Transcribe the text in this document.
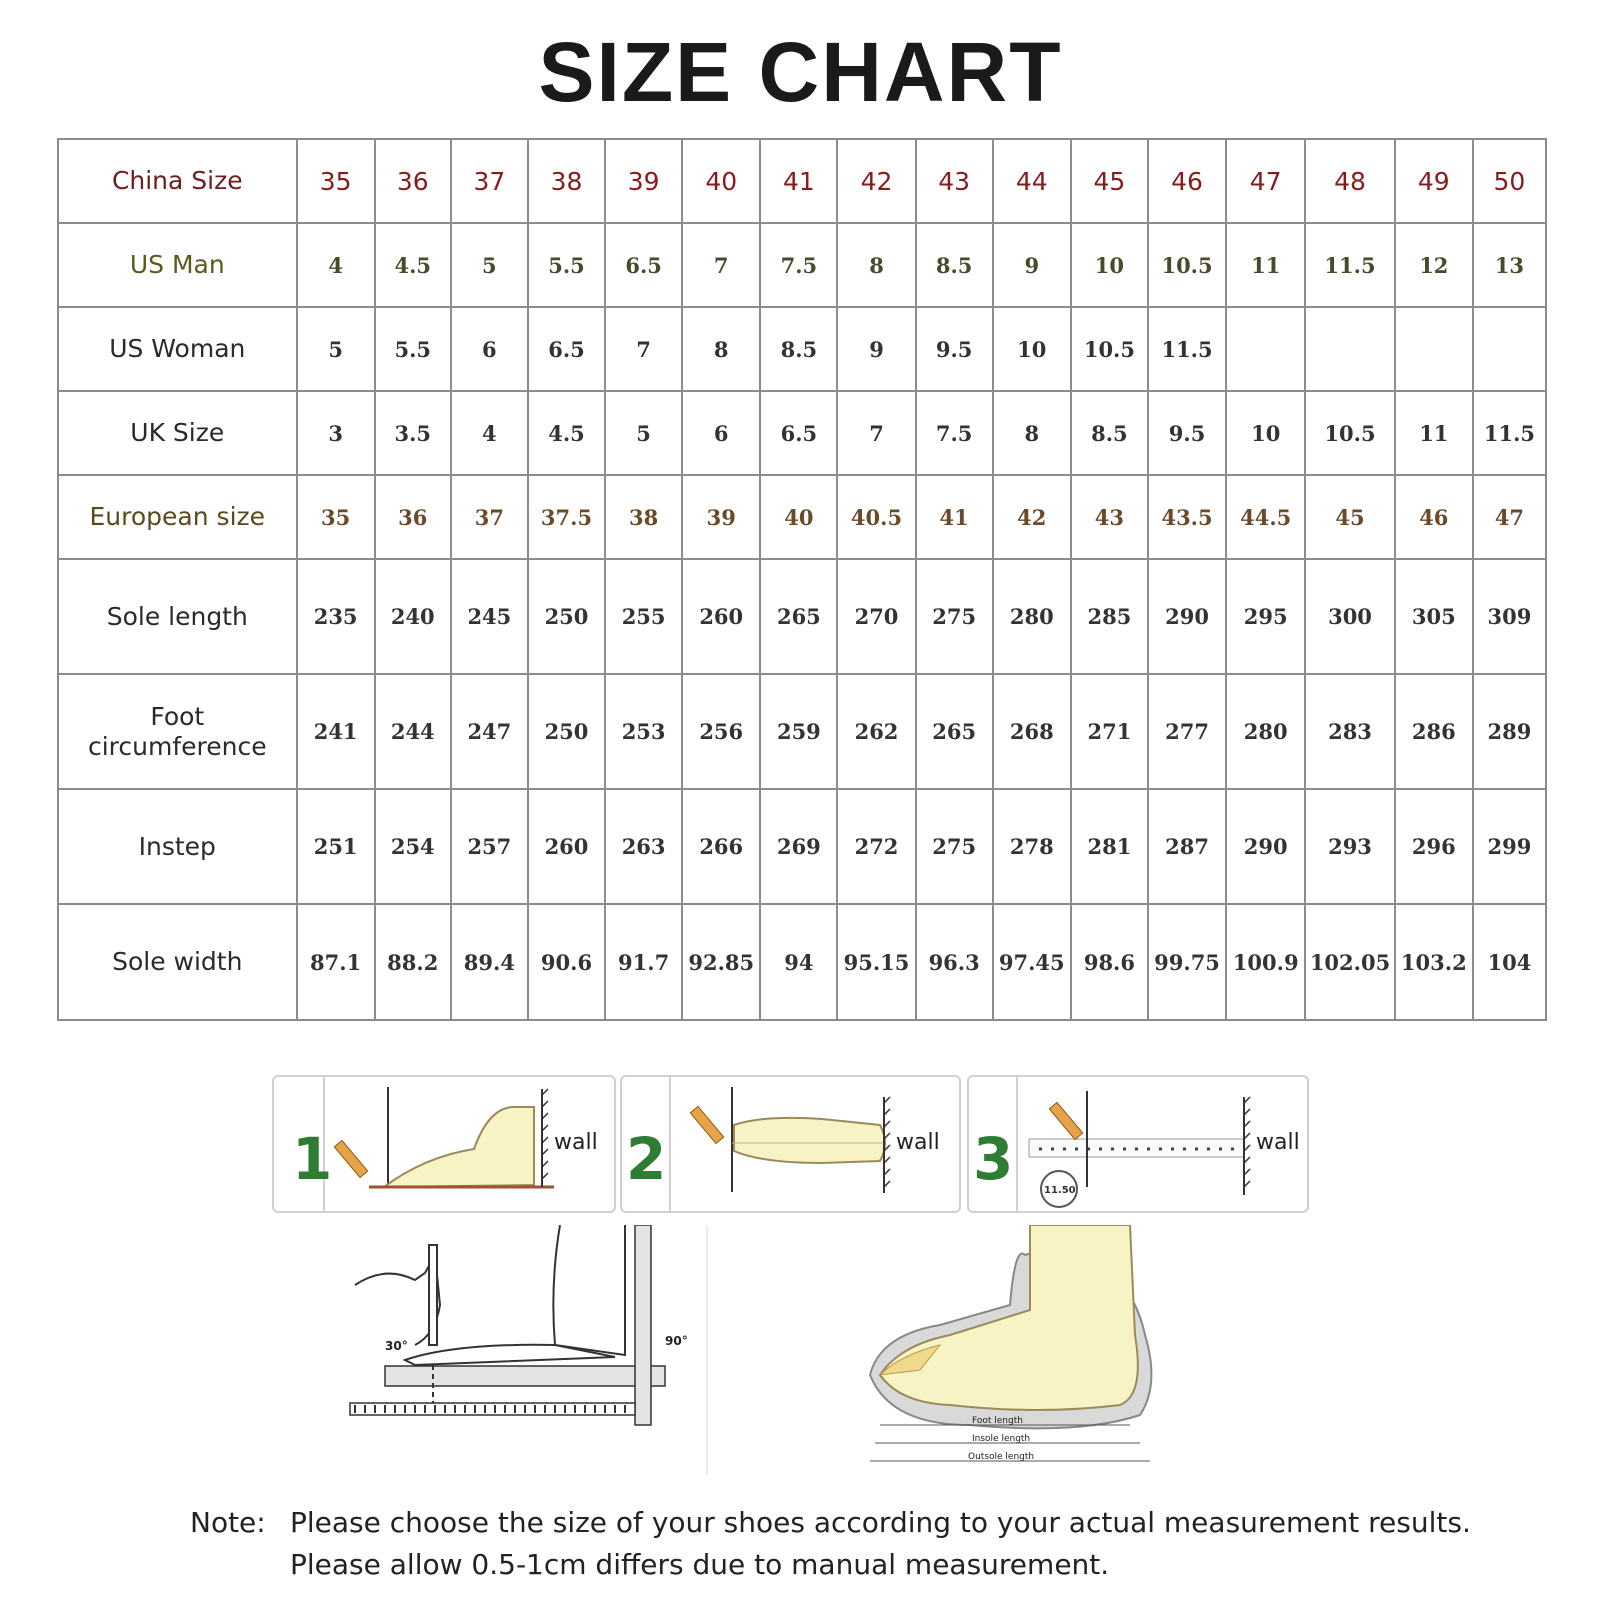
SIZE CHART
China Size	35	36	37	38	39	40	41	42	43	44	45	46	47	48	49	50
US Man	4	4.5	5	5.5	6.5	7	7.5	8	8.5	9	10	10.5	11	11.5	12	13
US Woman	5	5.5	6	6.5	7	8	8.5	9	9.5	10	10.5	11.5				
UK Size	3	3.5	4	4.5	5	6	6.5	7	7.5	8	8.5	9.5	10	10.5	11	11.5
European size	35	36	37	37.5	38	39	40	40.5	41	42	43	43.5	44.5	45	46	47
Sole length	235	240	245	250	255	260	265	270	275	280	285	290	295	300	305	309

Foot
circumference	241	244	247	250	253	256	259	262	265	268	271	277	280	283	286	289
Instep	251	254	257	260	263	266	269	272	275	278	281	287	290	293	296	299
Sole width	87.1	88.2	89.4	90.6	91.7	92.85	94	95.15	96.3	97.45	98.6	99.75	100.9	102.05	103.2	104
1	wall 2	wall 3	11.50
wall
30°	90°
Foot length
Insole length
Outsole length
Note: Please choose the size of your shoes according to your actual measurement results.
Please allow 0.5-1cm differs due to manual measurement.
